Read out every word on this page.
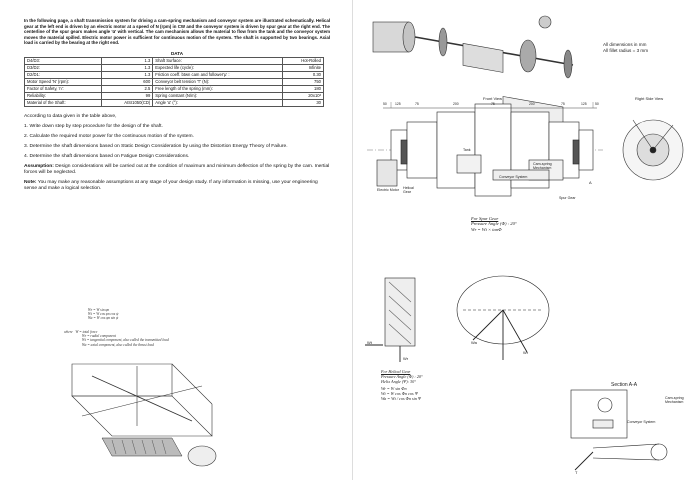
In the following page, a shaft transmission system for driving a cam-spring mechanism and conveyor system are illustrated schematically. Helical gear at the left end is driven by an electric motor at a speed of N (rpm) in CW and the conveyor system is driven by spur gear at the right end. The centerline of the spur gears makes angle 'α' with vertical. The cam mechanism allows the material to flow from the tank and the conveyor system moves the material spilled. Electric motor power is sufficient for continuous motion of the system. The shaft is supported by two bearings. Axial load is carried by the bearing at the right end.

DATA
D4/D3:	1.3	Shaft Surface:	Hot-Rolled
D3/D2:	1.3	Expected life (cycle):	Infinite
D2/D1:	1.3	Friction coeff. btwn cam and follower'μ' :	0.30
Motor Speed 'N' (rpm):	600	Conveyor belt tension 'T' (N):	750
Factor of Safety, 'n':	2.5	Free length of the spring (mm):	180
Reliability:	99	Spring constant (N/m):	20x10³
Material of the Shaft:	AISI1050(CD)	Angle 'α' (°):	30

According to data given in the table above,

1. Write down step by step procedure for the design of the shaft.

2. Calculate the required motor power for the continuous motion of the system.

3. Determine the shaft dimensions based on Static Design Consideration by using the Distortion Energy Theory of Failure.

4. Determine the shaft dimensions based on Fatigue Design Considerations.

Assumption: Design considerations will be carried out at the condition of maximum and minimum deflection of the spring by the cam. Inertial forces will be neglected.

Note: You may make any reasonable assumptions at any stage of your design study. If any information is missing, use your engineering sense and make a logical selection.

Wr = W sin φn
Wt = W cos φn cos ψ
Wa = W cos φn sin ψ
where W = total force
Wr = radial component
Wt = tangential component, also called the transmitted load
Wa = axial component, also called the thrust load
All dimensions in mm
All fillet radius = 3 mm
Front View	Right Side View
Section A-A
50 125	75	200	75	200	75	125 50
Electric Motor Helical Gear
Conveyor System
Tank
Cam-spring Mechanism
Spur Gear
A
Cam-spring Mechanism
Conveyor System
T
For Spur Gear
Pressure Angle (Φ) : 20°
Wr = Wt × tanΦ
Wt
Wr
Wa
Wr
For Helical Gear
Pressure Angle (Φ) : 20°
Helix Angle (Ψ): 30°
Wr = W sin Φn
Wt = W cos Φn cos Ψ
Wa = Wt / cos Φn sin Ψ
